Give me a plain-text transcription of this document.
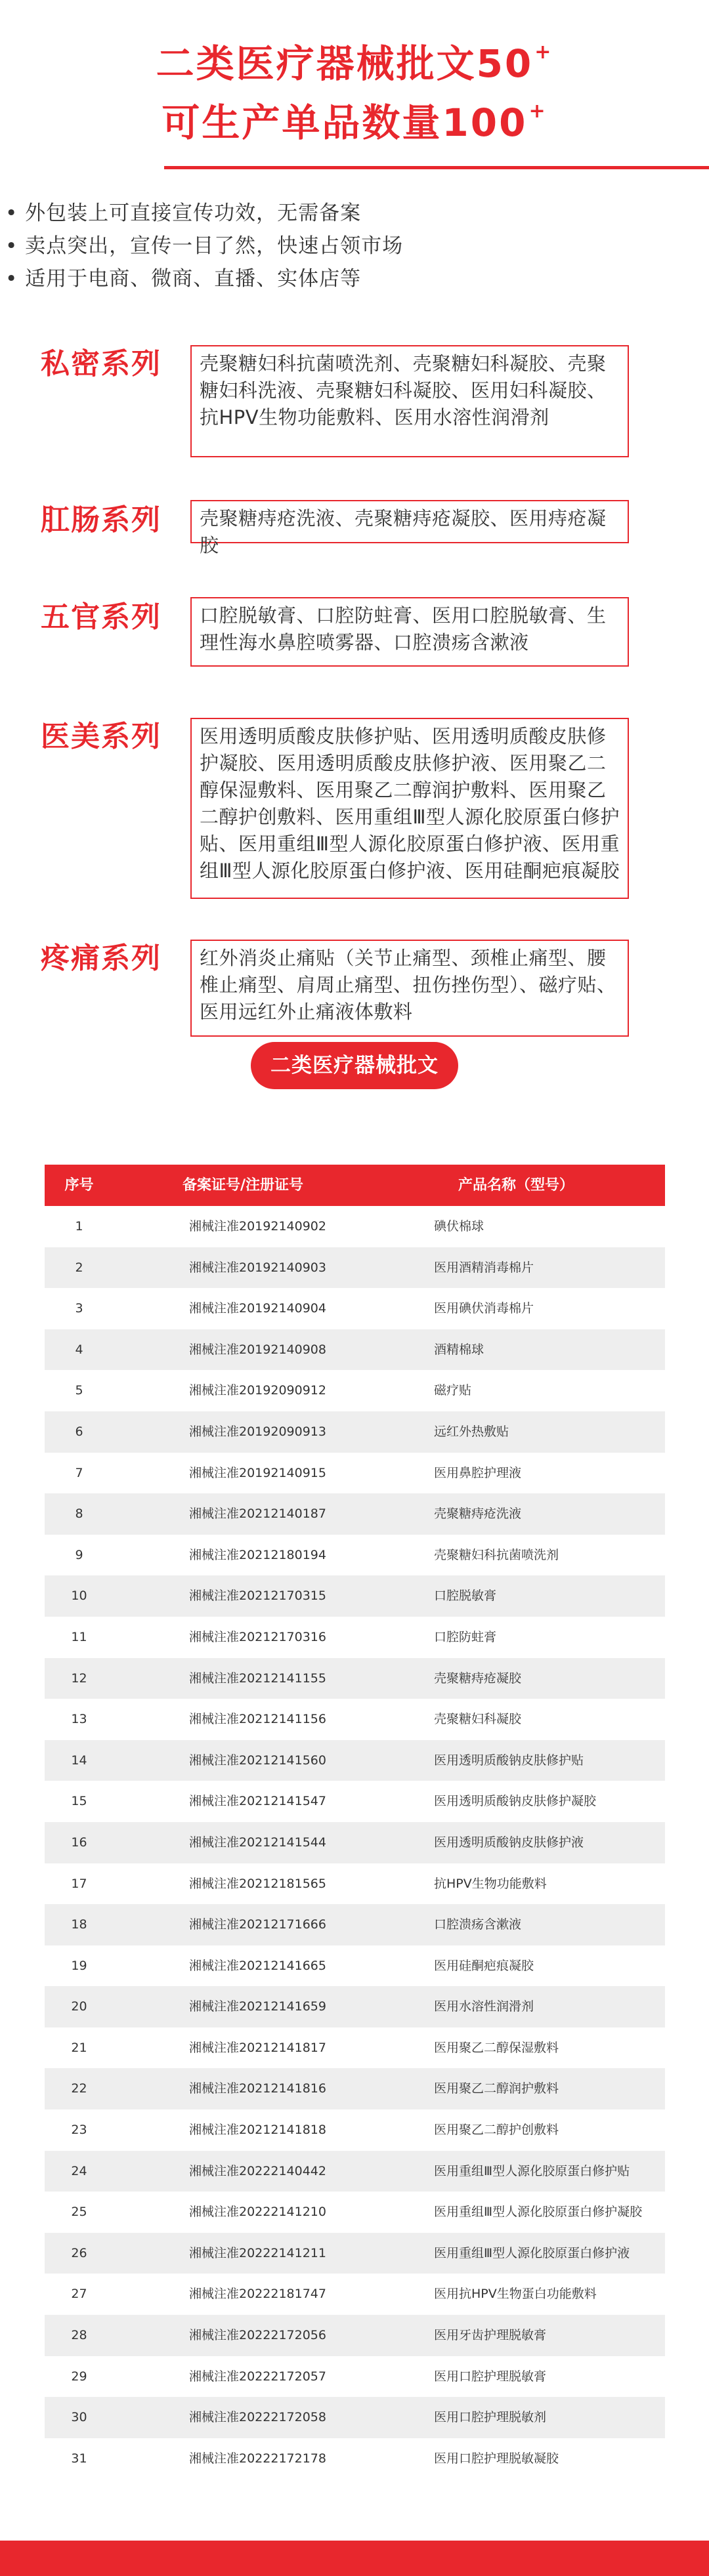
二类医疗器械批文50+
可生产单品数量100+
• 外包装上可直接宣传功效，无需备案
• 卖点突出，宣传一目了然，快速占领市场
• 适用于电商、微商、直播、实体店等
私密系列	壳聚糖妇科抗菌喷洗剂、壳聚糖妇科凝胶、壳聚糖妇科洗液、壳聚糖妇科凝胶、医用妇科凝胶、抗HPV生物功能敷料、医用水溶性润滑剂
肛肠系列	壳聚糖痔疮洗液、壳聚糖痔疮凝胶、医用痔疮凝胶
五官系列	口腔脱敏膏、口腔防蛀膏、医用口腔脱敏膏、生理性海水鼻腔喷雾器、口腔溃疡含漱液
医美系列	医用透明质酸皮肤修护贴、医用透明质酸皮肤修护凝胶、医用透明质酸皮肤修护液、医用聚乙二醇保湿敷料、医用聚乙二醇润护敷料、医用聚乙二醇护创敷料、医用重组Ⅲ型人源化胶原蛋白修护贴、医用重组Ⅲ型人源化胶原蛋白修护液、医用重组Ⅲ型人源化胶原蛋白修护液、医用硅酮疤痕凝胶
疼痛系列	红外消炎止痛贴（关节止痛型、颈椎止痛型、腰椎止痛型、肩周止痛型、扭伤挫伤型）、磁疗贴、医用远红外止痛液体敷料
二类医疗器械批文
序号	备案证号/注册证号	产品名称（型号）
1	湘械注准20192140902	碘伏棉球
2	湘械注准20192140903	医用酒精消毒棉片
3	湘械注准20192140904	医用碘伏消毒棉片
4	湘械注准20192140908	酒精棉球
5	湘械注准20192090912	磁疗贴
6	湘械注准20192090913	远红外热敷贴
7	湘械注准20192140915	医用鼻腔护理液
8	湘械注准20212140187	壳聚糖痔疮洗液
9	湘械注准20212180194	壳聚糖妇科抗菌喷洗剂
10	湘械注准20212170315	口腔脱敏膏
11	湘械注准20212170316	口腔防蛀膏
12	湘械注准20212141155	壳聚糖痔疮凝胶
13	湘械注准20212141156	壳聚糖妇科凝胶
14	湘械注准20212141560	医用透明质酸钠皮肤修护贴
15	湘械注准20212141547	医用透明质酸钠皮肤修护凝胶
16	湘械注准20212141544	医用透明质酸钠皮肤修护液
17	湘械注准20212181565	抗HPV生物功能敷料
18	湘械注准20212171666	口腔溃疡含漱液
19	湘械注准20212141665	医用硅酮疤痕凝胶
20	湘械注准20212141659	医用水溶性润滑剂
21	湘械注准20212141817	医用聚乙二醇保湿敷料
22	湘械注准20212141816	医用聚乙二醇润护敷料
23	湘械注准20212141818	医用聚乙二醇护创敷料
24	湘械注准20222140442	医用重组Ⅲ型人源化胶原蛋白修护贴
25	湘械注准20222141210	医用重组Ⅲ型人源化胶原蛋白修护凝胶
26	湘械注准20222141211	医用重组Ⅲ型人源化胶原蛋白修护液
27	湘械注准20222181747	医用抗HPV生物蛋白功能敷料
28	湘械注准20222172056	医用牙齿护理脱敏膏
29	湘械注准20222172057	医用口腔护理脱敏膏
30	湘械注准20222172058	医用口腔护理脱敏剂
31	湘械注准20222172178	医用口腔护理脱敏凝胶
